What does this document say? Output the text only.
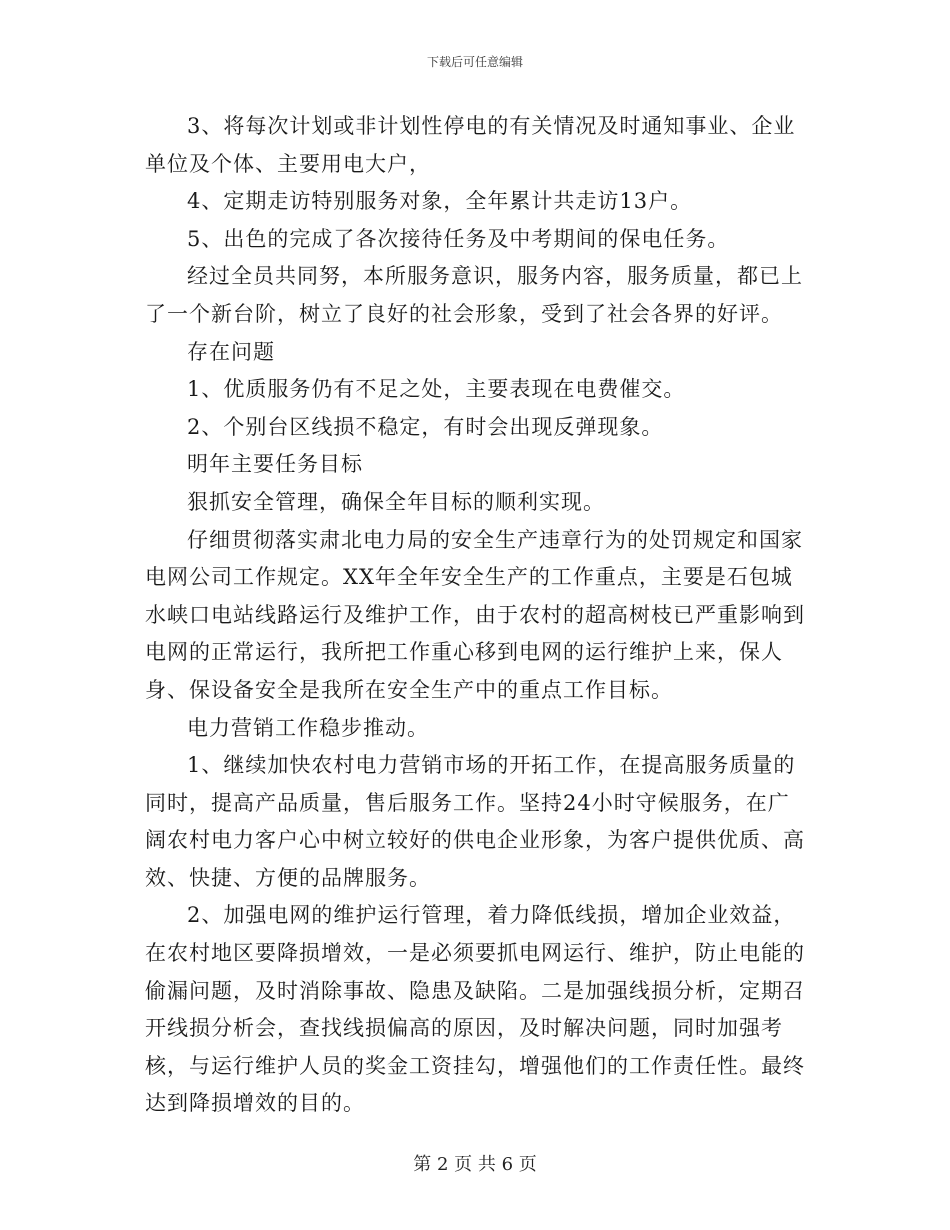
下载后可任意编辑

3、将每次计划或非计划性停电的有关情况及时通知事业、企业单位及个体、主要用电大户，

4、定期走访特别服务对象，全年累计共走访13户。

5、出色的完成了各次接待任务及中考期间的保电任务。

经过全员共同努，本所服务意识，服务内容，服务质量，都已上了一个新台阶，树立了良好的社会形象，受到了社会各界的好评。

存在问题

1、优质服务仍有不足之处，主要表现在电费催交。

2、个别台区线损不稳定，有时会出现反弹现象。

明年主要任务目标

狠抓安全管理，确保全年目标的顺利实现。

仔细贯彻落实肃北电力局的安全生产违章行为的处罚规定和国家电网公司工作规定。XX年全年安全生产的工作重点，主要是石包城水峡口电站线路运行及维护工作，由于农村的超高树枝已严重影响到电网的正常运行，我所把工作重心移到电网的运行维护上来，保人身、保设备安全是我所在安全生产中的重点工作目标。

电力营销工作稳步推动。

1、继续加快农村电力营销市场的开拓工作，在提高服务质量的同时，提高产品质量，售后服务工作。坚持24小时守候服务，在广阔农村电力客户心中树立较好的供电企业形象，为客户提供优质、高效、快捷、方便的品牌服务。

2、加强电网的维护运行管理，着力降低线损，增加企业效益，在农村地区要降损增效，一是必须要抓电网运行、维护，防止电能的偷漏问题，及时消除事故、隐患及缺陷。二是加强线损分析，定期召开线损分析会，查找线损偏高的原因，及时解决问题，同时加强考核，与运行维护人员的奖金工资挂勾，增强他们的工作责任性。最终达到降损增效的目的。

第 2 页 共 6 页
